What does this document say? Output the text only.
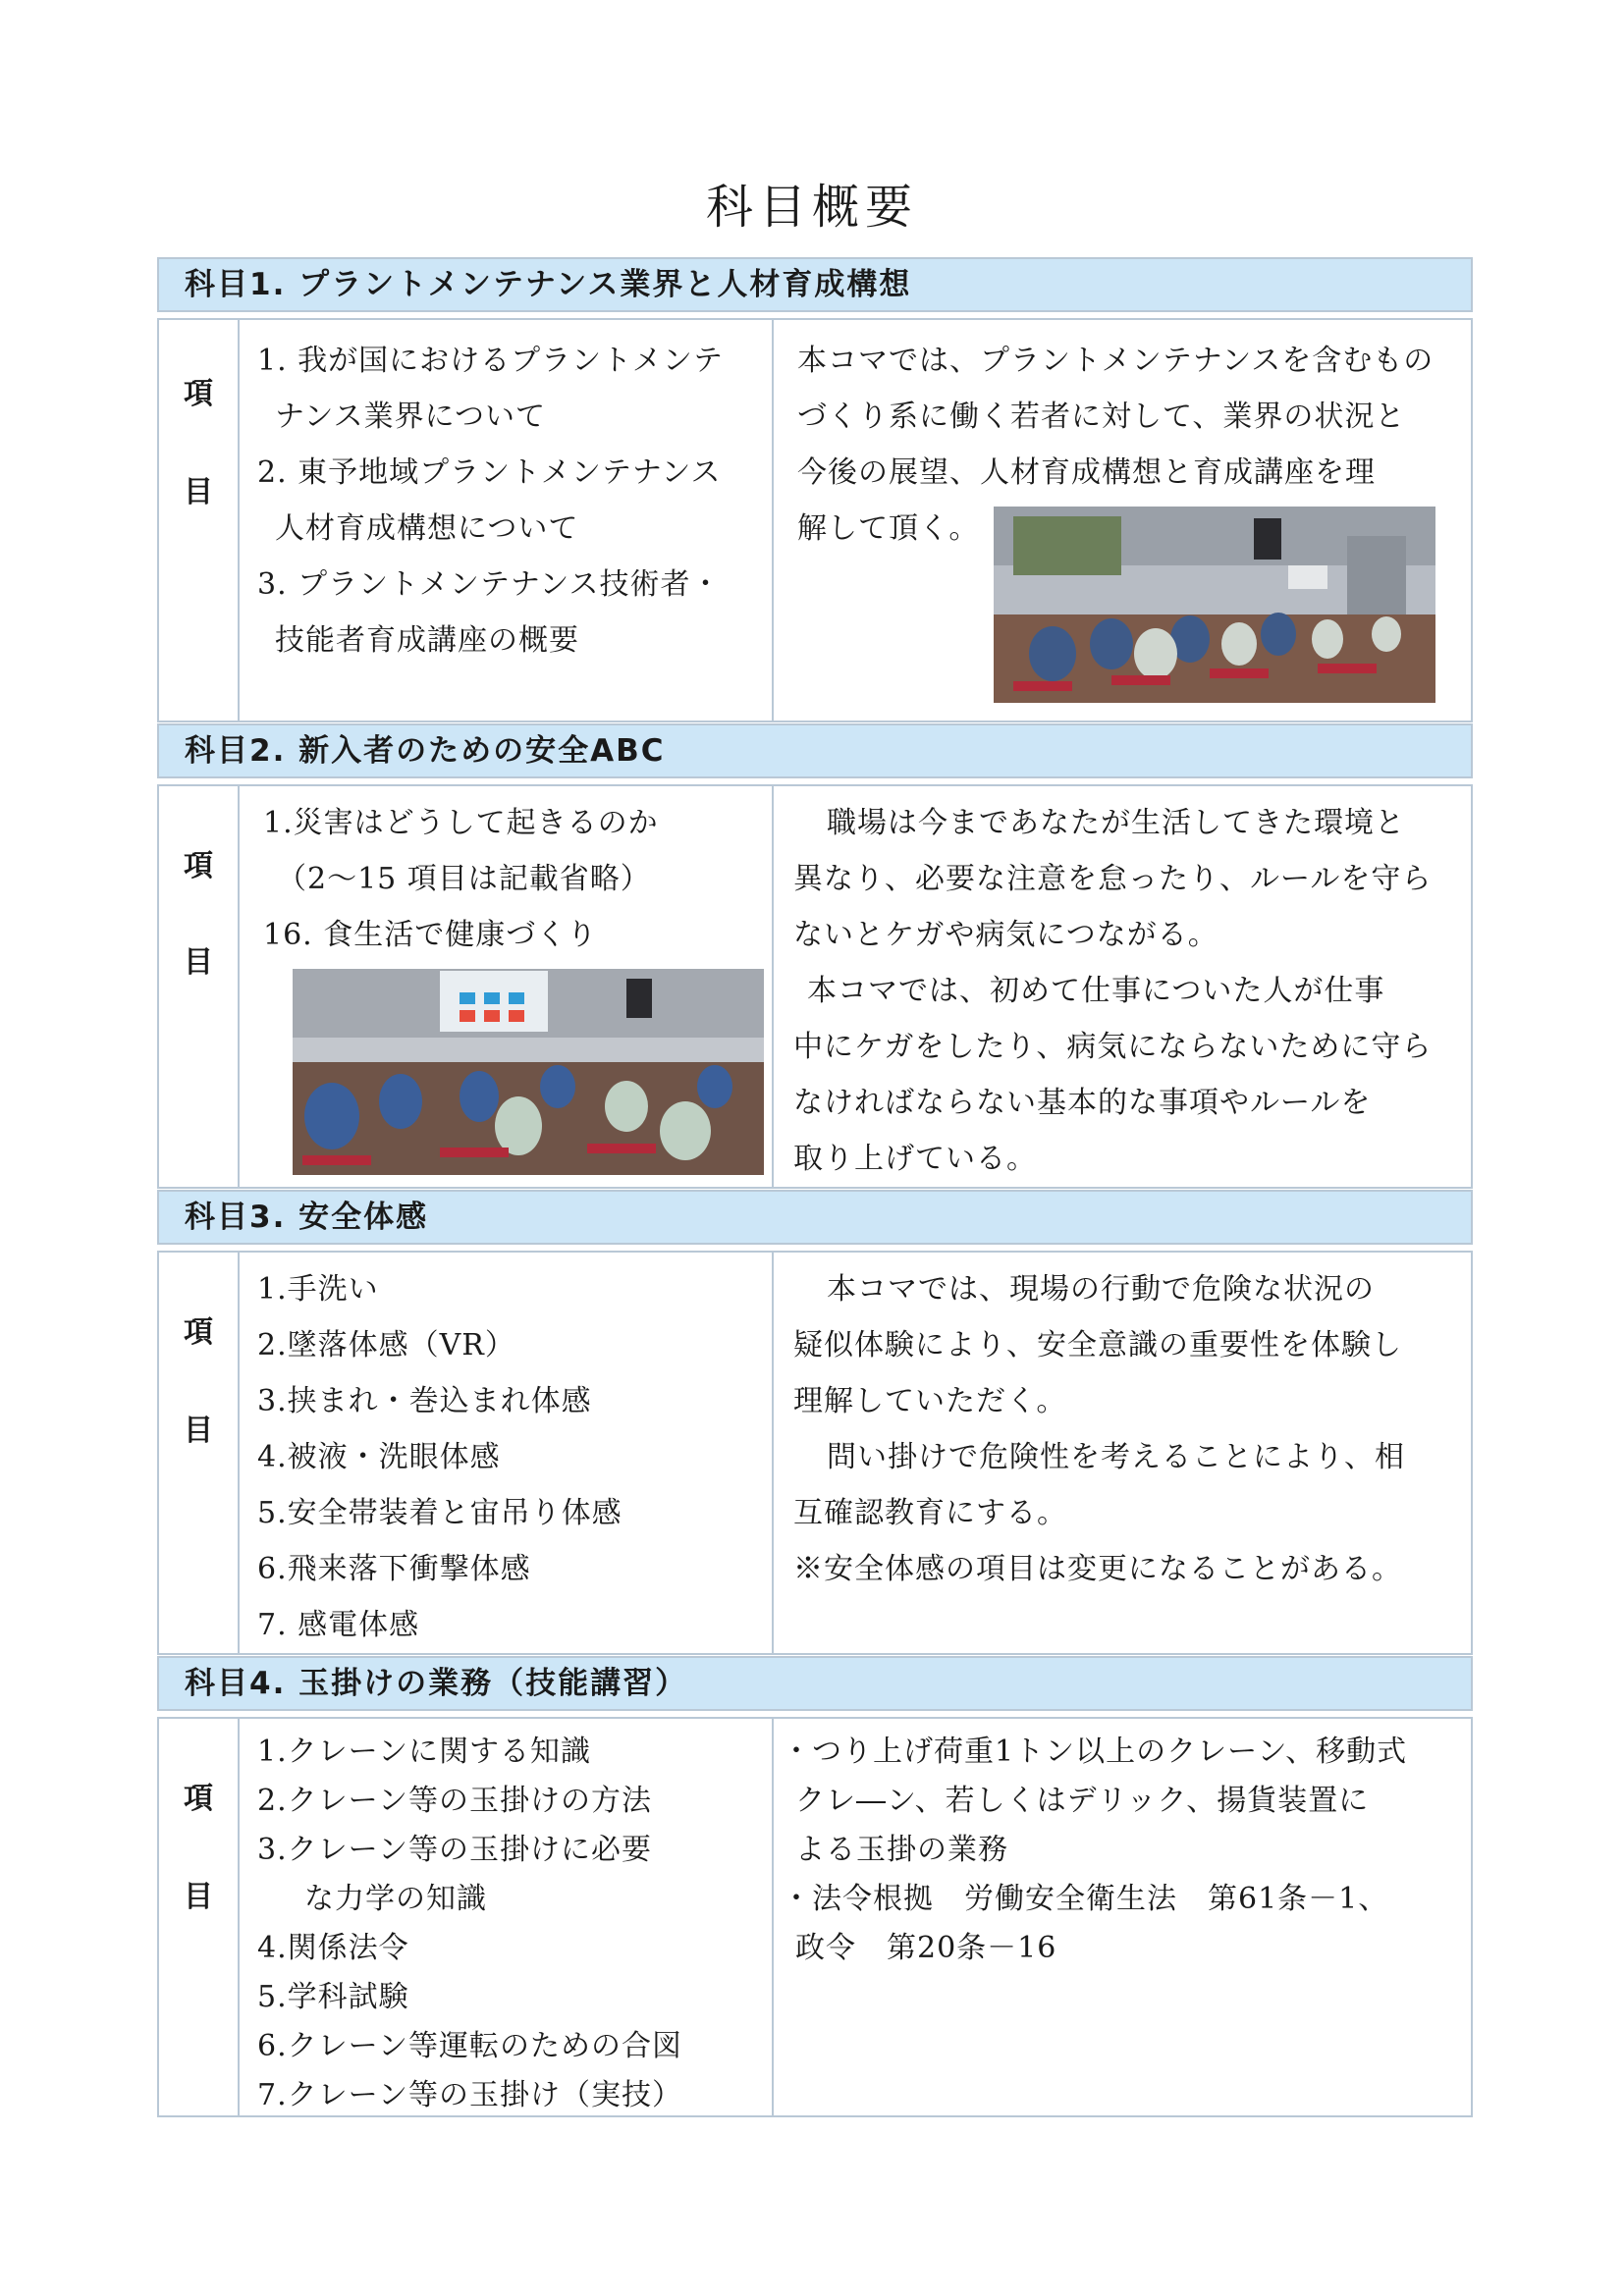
科目概要
科目1. プラントメンテナンス業界と人材育成構想
項
目
1. 我が国におけるプラントメンテ
ナンス業界について
2. 東予地域プラントメンテナンス
人材育成構想について
3. プラントメンテナンス技術者・
技能者育成講座の概要
本コマでは、プラントメンテナンスを含むもの
づくり系に働く若者に対して、業界の状況と
今後の展望、人材育成構想と育成講座を理
解して頂く。
科目2. 新入者のための安全ABC
項
目
1.災害はどうして起きるのか
（2～15 項目は記載省略）
16. 食生活で健康づくり
職場は今まであなたが生活してきた環境と
異なり、必要な注意を怠ったり、ルールを守ら
ないとケガや病気につながる。
本コマでは、初めて仕事についた人が仕事
中にケガをしたり、病気にならないために守ら
なければならない基本的な事項やルールを
取り上げている。
科目3. 安全体感
項
目
1.手洗い
2.墜落体感（VR）
3.挟まれ・巻込まれ体感
4.被液・洗眼体感
5.安全帯装着と宙吊り体感
6.飛来落下衝撃体感
7. 感電体感
本コマでは、現場の行動で危険な状況の
疑似体験により、安全意識の重要性を体験し
理解していただく。
問い掛けで危険性を考えることにより、相
互確認教育にする。
※安全体感の項目は変更になることがある。
科目4. 玉掛けの業務（技能講習）
項
目
1.クレーンに関する知識
2.クレーン等の玉掛けの方法
3.クレーン等の玉掛けに必要
な力学の知識
4.関係法令
5.学科試験
6.クレーン等運転のための合図
7.クレーン等の玉掛け（実技）
・つり上げ荷重1トン以上のクレーン、移動式
クレ―ン、若しくはデリック、揚貨装置に
よる玉掛の業務
・法令根拠　労働安全衛生法　第61条－1、
政令　第20条－16
